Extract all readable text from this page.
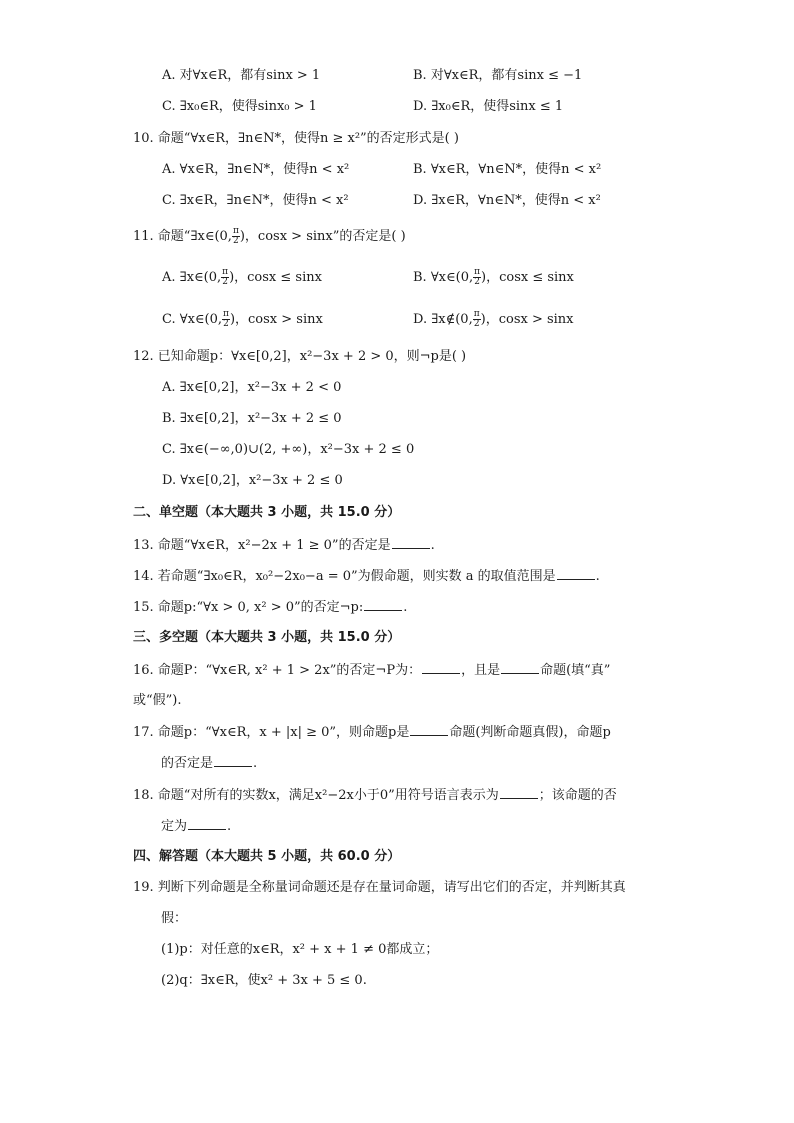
A. 对∀x∈R，都有sinx > 1	B. 对∀x∈R，都有sinx ≤ −1
C. ∃x₀∈R，使得sinx₀ > 1	D. ∃x₀∈R，使得sinx ≤ 1
10. 命题“∀x∈R，∃n∈N*，使得n ≥ x²”的否定形式是( )
A. ∀x∈R，∃n∈N*，使得n < x²	B. ∀x∈R，∀n∈N*，使得n < x²
C. ∃x∈R，∃n∈N*，使得n < x²	D. ∃x∈R，∀n∈N*，使得n < x²
11. 命题“∃x∈(0, $\frac{\pi}{2}$ )，cosx > sinx”的否定是( )
A. ∃x∈(0, $\frac{\pi}{2}$ )，cosx ≤ sinx	B. ∀x∈(0, $\frac{\pi}{2}$ )，cosx ≤ sinx
C. ∀x∈(0, $\frac{\pi}{2}$ )，cosx > sinx	D. ∃x∉(0, $\frac{\pi}{2}$ )，cosx > sinx
12. 已知命题p：∀x∈[0,2]，x²−3x + 2 > 0，则¬p是( )
A. ∃x∈[0,2]，x²−3x + 2 < 0
B. ∃x∈[0,2]，x²−3x + 2 ≤ 0
C. ∃x∈(−∞,0)∪(2, +∞)，x²−3x + 2 ≤ 0
D. ∀x∈[0,2]，x²−3x + 2 ≤ 0
二、单空题（本大题共 3 小题，共 15.0 分）
13. 命题“∀x∈R，x²−2x + 1 ≥ 0”的否定是	.
14. 若命题“∃x₀∈R，x₀²−2x₀−a = 0”为假命题，则实数 a 的取值范围是	.
15. 命题p:“∀x > 0, x² > 0”的否定¬p:	.
三、多空题（本大题共 3 小题，共 15.0 分）
16. 命题P：“∀x∈R, x² + 1 > 2x”的否定¬P为：	，且是	命题(填“真”
或“假”).
17. 命题p：“∀x∈R，x + |x| ≥ 0”，则命题p是	命题(判断命题真假)，命题p
的否定是	.
18. 命题“对所有的实数x，满足x²−2x小于0”用符号语言表示为	；该命题的否
定为	.
四、解答题（本大题共 5 小题，共 60.0 分）
19. 判断下列命题是全称量词命题还是存在量词命题，请写出它们的否定，并判断其真
假：
(1)p：对任意的x∈R，x² + x + 1 ≠ 0都成立；
(2)q：∃x∈R，使x² + 3x + 5 ≤ 0.
